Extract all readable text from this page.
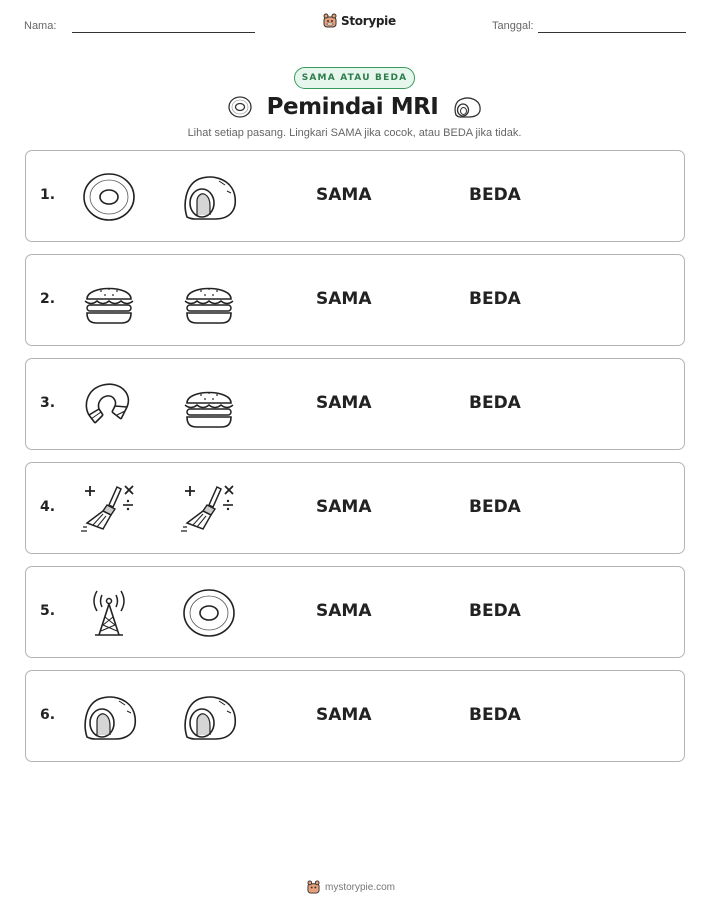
Nama:	Storypie	Tanggal:
SAMA ATAU BEDA
Pemindai MRI
Lihat setiap pasang. Lingkari SAMA jika cocok, atau BEDA jika tidak.
1.	SAMA	BEDA
2.	SAMA	BEDA
3.	SAMA	BEDA
4.	SAMA	BEDA
5.	SAMA	BEDA
6.	SAMA	BEDA
mystorypie.com
